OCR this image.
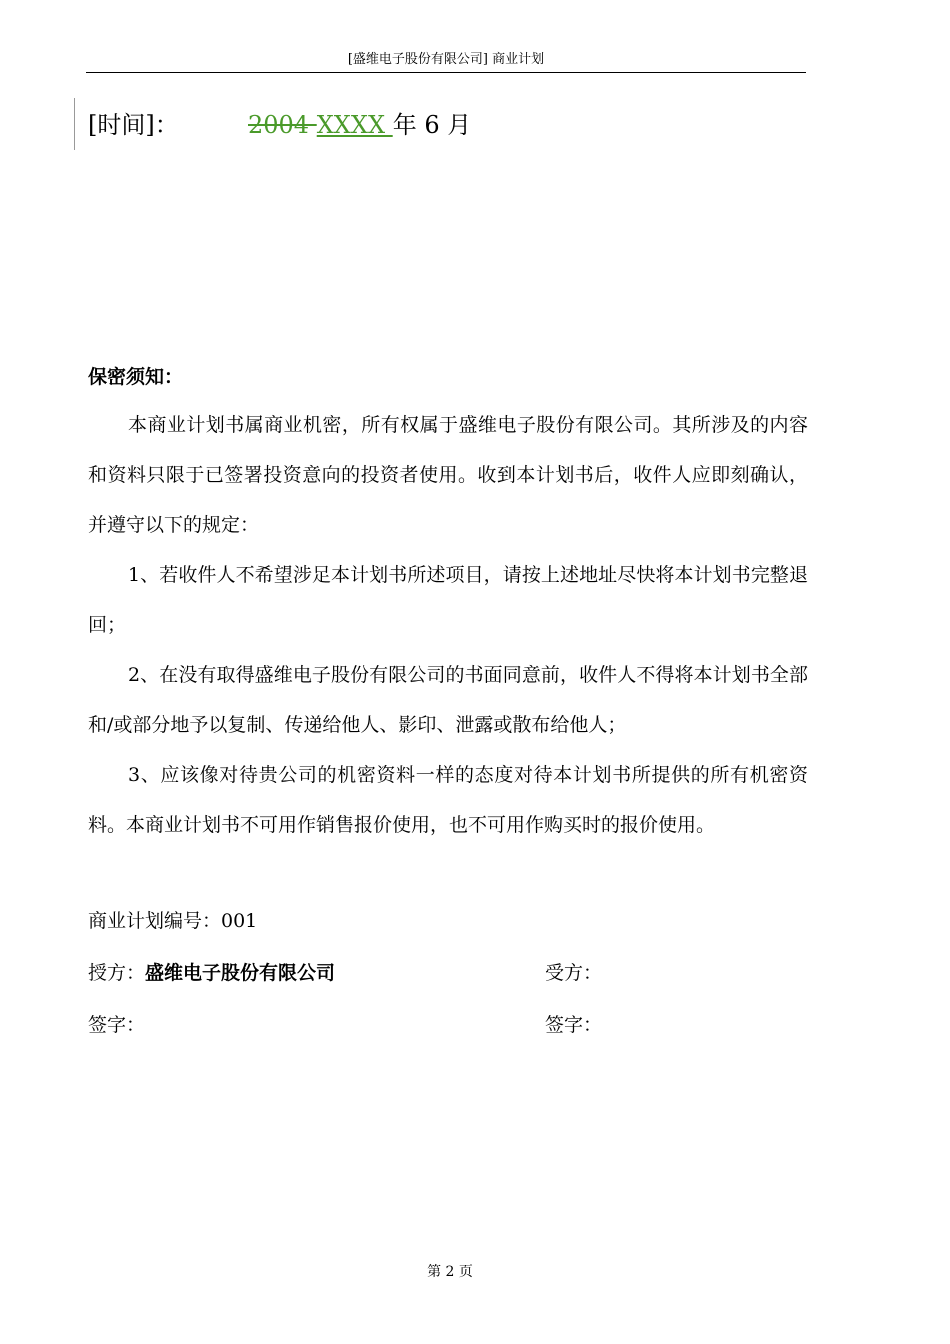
[盛维电子股份有限公司] 商业计划
[时间]：	2004 XXXX 年 6 月
保密须知：
本商业计划书属商业机密，所有权属于盛维电子股份有限公司。其所涉及的内容和资料只限于已签署投资意向的投资者使用。收到本计划书后，收件人应即刻确认，并遵守以下的规定：
1、若收件人不希望涉足本计划书所述项目，请按上述地址尽快将本计划书完整退回；
2、在没有取得盛维电子股份有限公司的书面同意前，收件人不得将本计划书全部和/或部分地予以复制、传递给他人、影印、泄露或散布给他人；
3、应该像对待贵公司的机密资料一样的态度对待本计划书所提供的所有机密资料。本商业计划书不可用作销售报价使用，也不可用作购买时的报价使用。
商业计划编号：001
授方：盛维电子股份有限公司
签字：
受方：
签字：
第 2 页
